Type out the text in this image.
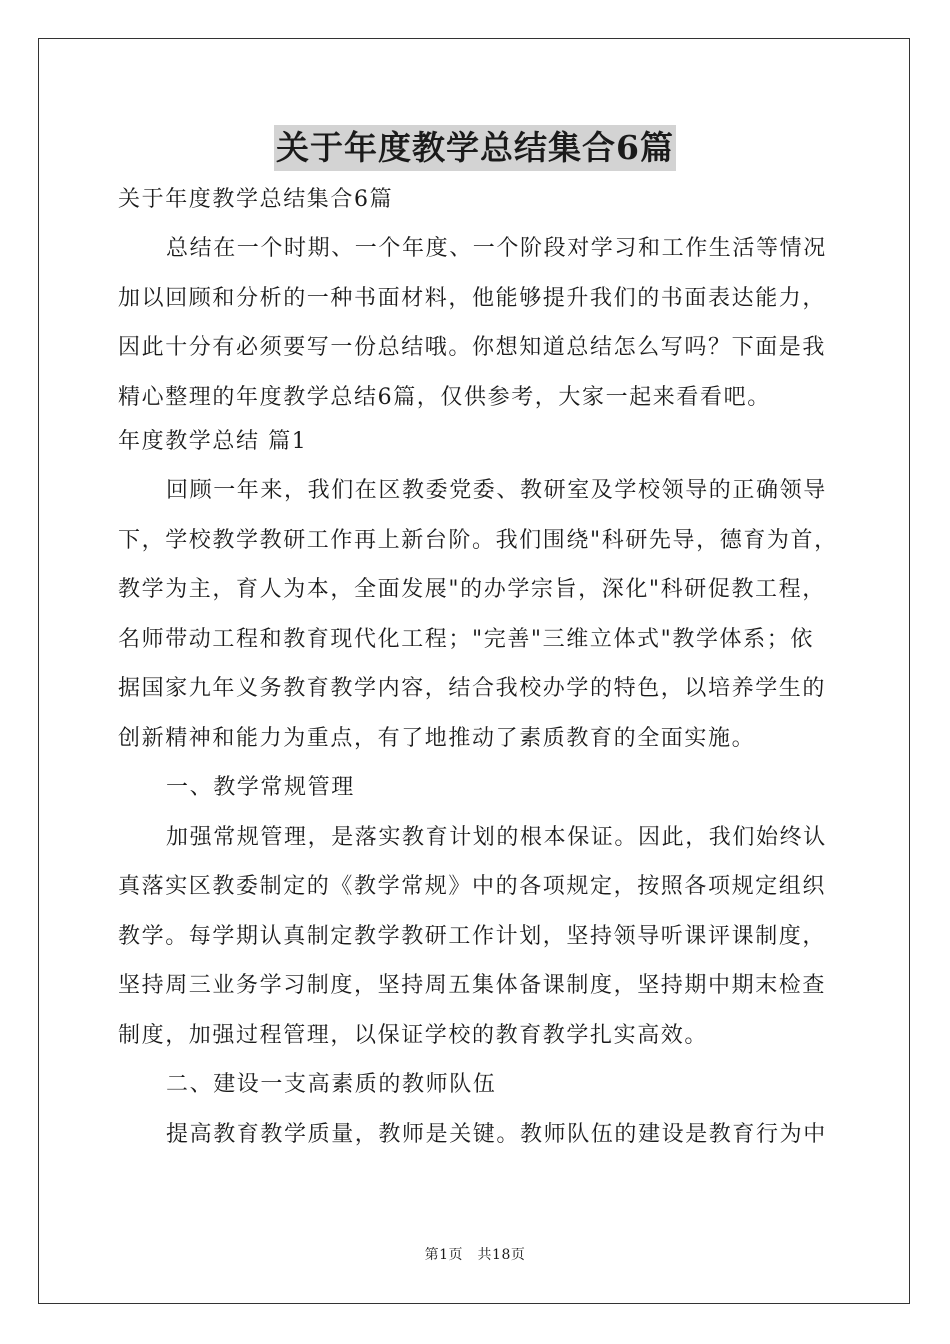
关于年度教学总结集合6篇

关于年度教学总结集合6篇

总结在一个时期、一个年度、一个阶段对学习和工作生活等情况

加以回顾和分析的一种书面材料，他能够提升我们的书面表达能力，

因此十分有必须要写一份总结哦。你想知道总结怎么写吗？下面是我

精心整理的年度教学总结6篇，仅供参考，大家一起来看看吧。

年度教学总结 篇1

回顾一年来，我们在区教委党委、教研室及学校领导的正确领导

下，学校教学教研工作再上新台阶。我们围绕"科研先导，德育为首，

教学为主，育人为本，全面发展"的办学宗旨，深化"科研促教工程，

名师带动工程和教育现代化工程；"完善"三维立体式"教学体系；依

据国家九年义务教育教学内容，结合我校办学的特色，以培养学生的

创新精神和能力为重点，有了地推动了素质教育的全面实施。

一、教学常规管理

加强常规管理，是落实教育计划的根本保证。因此，我们始终认

真落实区教委制定的《教学常规》中的各项规定，按照各项规定组织

教学。每学期认真制定教学教研工作计划，坚持领导听课评课制度，

坚持周三业务学习制度，坚持周五集体备课制度，坚持期中期末检查

制度，加强过程管理，以保证学校的教育教学扎实高效。

二、建设一支高素质的教师队伍

提高教育教学质量，教师是关键。教师队伍的建设是教育行为中

第1页　共18页
